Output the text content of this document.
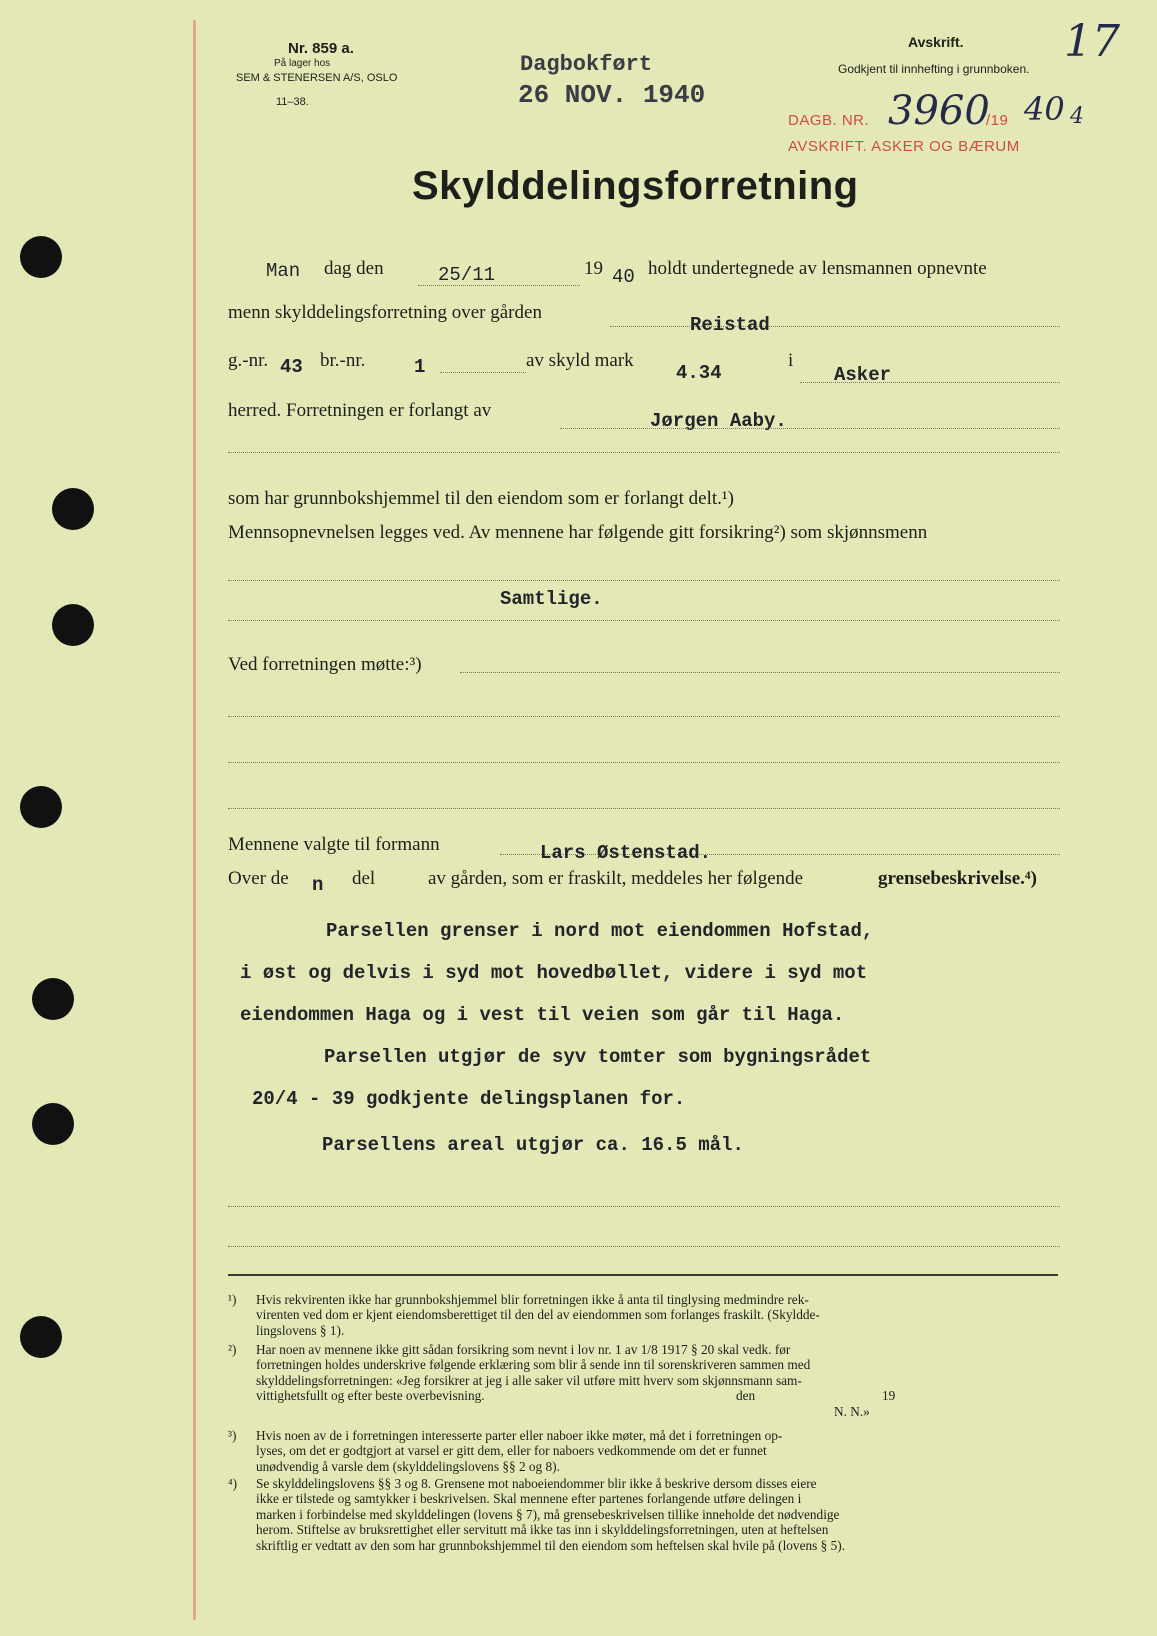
Nr. 859 a.
På lager hos
SEM & STENERSEN A/S, OSLO
11–38.
Dagbokført
26 NOV. 1940
Avskrift.
Godkjent til innhefting i grunnboken.
17
DAGB. NR. 3960
/19 40 4
AVSKRIFT. ASKER OG BÆRUM
Skylddelingsforretning
Man dag den	25/11	19 40 holdt undertegnede av lensmannen opnevnte
menn skylddelingsforretning over gården
Reistad
g.-nr. 43 br.-nr.	1	av skyld mark
4.34
i
Asker
herred. Forretningen er forlangt av	Jørgen Aaby.
som har grunnbokshjemmel til den eiendom som er forlangt delt.¹)
Mennsopnevnelsen legges ved. Av mennene har følgende gitt forsikring²) som skjønnsmenn
Samtlige.
Ved forretningen møtte:³)
Mennene valgte til formann	Lars Østenstad.
Over de n del	av gården, som er fraskilt, meddeles her følgende	grensebeskrivelse.⁴)
Parsellen grenser i nord mot eiendommen Hofstad,
i øst og delvis i syd mot hovedbøllet, videre i syd mot
eiendommen Haga og i vest til veien som går til Haga.
Parsellen utgjør de syv tomter som bygningsrådet
20/4 - 39 godkjente delingsplanen for.
Parsellens areal utgjør ca. 16.5 mål.
¹) Hvis rekvirenten ikke har grunnbokshjemmel blir forretningen ikke å anta til tinglysing medmindre rek-
virenten ved dom er kjent eiendomsberettiget til den del av eiendommen som forlanges fraskilt. (Skyldde-
lingslovens § 1).
²) Har noen av mennene ikke gitt sådan forsikring som nevnt i lov nr. 1 av 1/8 1917 § 20 skal vedk. før
forretningen holdes underskrive følgende erklæring som blir å sende inn til sorenskriveren sammen med
skylddelingsforretningen: «Jeg forsikrer at jeg i alle saker vil utføre mitt hverv som skjønnsmann sam-
vittighetsfullt og efter beste overbevisning.	den	19
N. N.»
³) Hvis noen av de i forretningen interesserte parter eller naboer ikke møter, må det i forretningen op-
lyses, om det er godtgjort at varsel er gitt dem, eller for naboers vedkommende om det er funnet
unødvendig å varsle dem (skylddelingslovens §§ 2 og 8).
⁴) Se skylddelingslovens §§ 3 og 8. Grensene mot naboeiendommer blir ikke å beskrive dersom disses eiere
ikke er tilstede og samtykker i beskrivelsen. Skal mennene efter partenes forlangende utføre delingen i
marken i forbindelse med skylddelingen (lovens § 7), må grensebeskrivelsen tillike inneholde det nødvendige
herom. Stiftelse av bruksrettighet eller servitutt må ikke tas inn i skylddelingsforretningen, uten at heftelsen
skriftlig er vedtatt av den som har grunnbokshjemmel til den eiendom som heftelsen skal hvile på (lovens § 5).
